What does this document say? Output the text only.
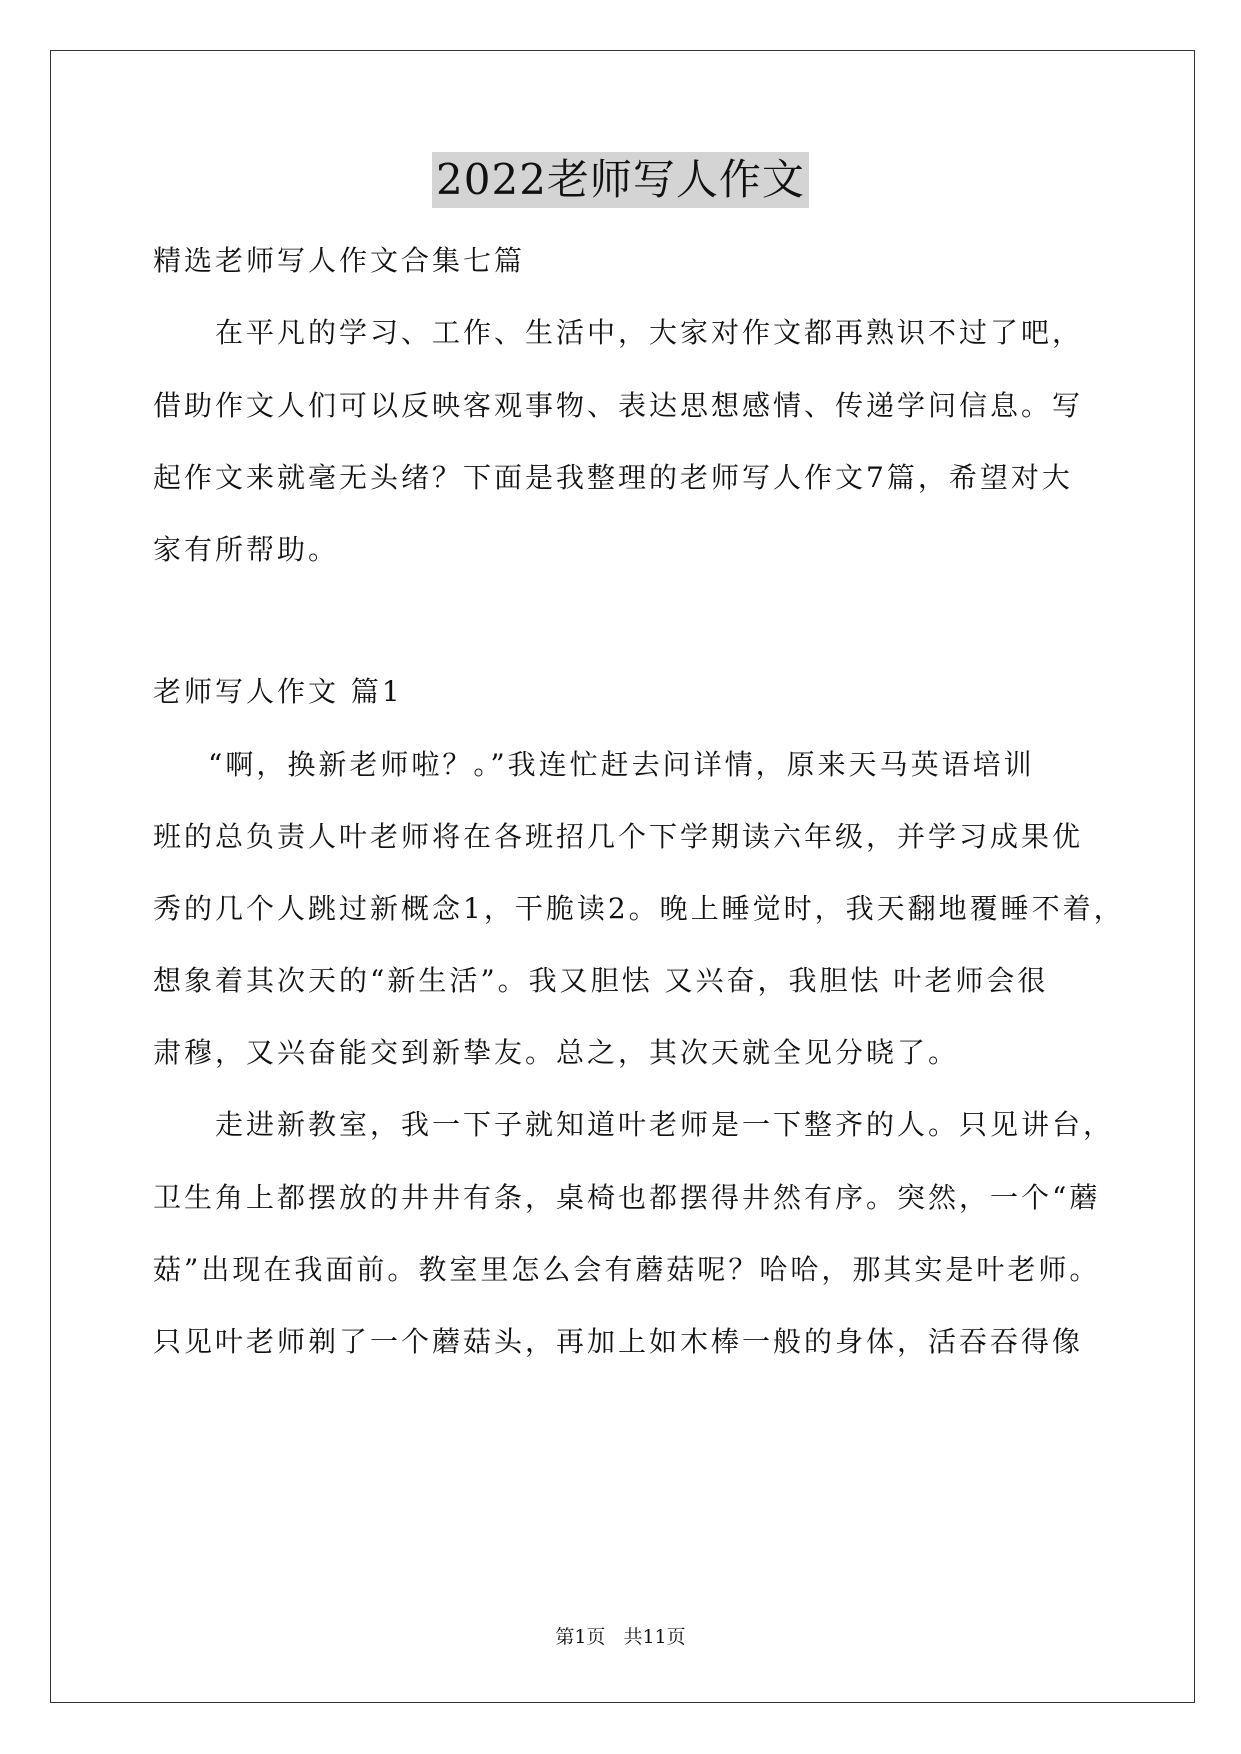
2022老师写人作文
精选老师写人作文合集七篇
在平凡的学习、工作、生活中，大家对作文都再熟识不过了吧，
借助作文人们可以反映客观事物、表达思想感情、传递学问信息。写
起作文来就毫无头绪？下面是我整理的老师写人作文7篇，希望对大
家有所帮助。
老师写人作文 篇1
“啊，换新老师啦？。”我连忙赶去问详情，原来天马英语培训
班的总负责人叶老师将在各班招几个下学期读六年级，并学习成果优
秀的几个人跳过新概念1，干脆读2。晚上睡觉时，我天翻地覆睡不着，
想象着其次天的“新生活”。我又胆怯 又兴奋，我胆怯 叶老师会很
肃穆，又兴奋能交到新挚友。总之，其次天就全见分晓了。
走进新教室，我一下子就知道叶老师是一下整齐的人。只见讲台，
卫生角上都摆放的井井有条，桌椅也都摆得井然有序。突然，一个“蘑
菇”出现在我面前。教室里怎么会有蘑菇呢？哈哈，那其实是叶老师。
只见叶老师剃了一个蘑菇头，再加上如木棒一般的身体，活吞吞得像
第1页 共11页
